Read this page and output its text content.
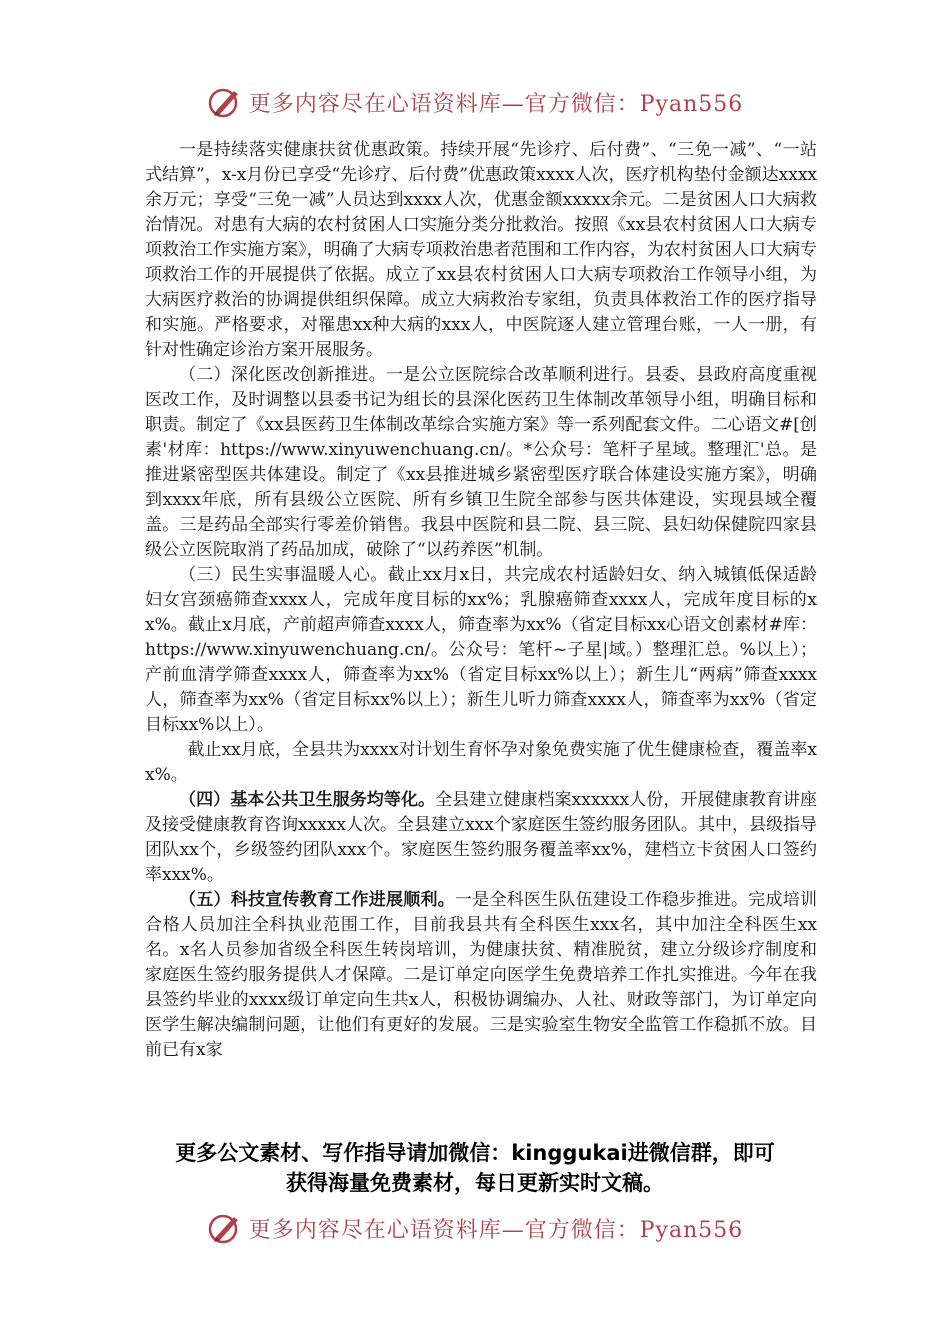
更多内容尽在心语资料库—官方微信：Pyan556

一是持续落实健康扶贫优惠政策。持续开展“先诊疗、后付费”、“三免一减”、“一站式结算”，x-x月份已享受“先诊疗、后付费”优惠政策xxxx人次，医疗机构垫付金额达xxxx余万元；享受“三免一减”人员达到xxxx人次，优惠金额xxxxx余元。二是贫困人口大病救治情况。对患有大病的农村贫困人口实施分类分批救治。按照《xx县农村贫困人口大病专项救治工作实施方案》，明确了大病专项救治患者范围和工作内容，为农村贫困人口大病专项救治工作的开展提供了依据。成立了xx县农村贫困人口大病专项救治工作领导小组，为大病医疗救治的协调提供组织保障。成立大病救治专家组，负责具体救治工作的医疗指导和实施。严格要求，对罹患xx种大病的xxx人，中医院逐人建立管理台账，一人一册，有针对性确定诊治方案开展服务。

（二）深化医改创新推进。一是公立医院综合改革顺利进行。县委、县政府高度重视医改工作，及时调整以县委书记为组长的县深化医药卫生体制改革领导小组，明确目标和职责。制定了《xx县医药卫生体制改革综合实施方案》等一系列配套文件。二心语文#[创素'材库：https://www.xinyuwenchuang.cn/。*公众号：笔杆子星域。整理汇'总。是推进紧密型医共体建设。制定了《xx县推进城乡紧密型医疗联合体建设实施方案》，明确到xxxx年底，所有县级公立医院、所有乡镇卫生院全部参与医共体建设，实现县域全覆盖。三是药品全部实行零差价销售。我县中医院和县二院、县三院、县妇幼保健院四家县级公立医院取消了药品加成，破除了“以药养医”机制。

（三）民生实事温暖人心。截止xx月x日，共完成农村适龄妇女、纳入城镇低保适龄妇女宫颈癌筛查xxxx人，完成年度目标的xx%；乳腺癌筛查xxxx人，完成年度目标的xx%。截止x月底，产前超声筛查xxxx人，筛查率为xx%（省定目标xx心语文创素材#库：https://www.xinyuwenchuang.cn/。公众号：笔杆~子星|域。）整理汇总。%以上）；产前血清学筛查xxxx人，筛查率为xx%（省定目标xx%以上）；新生儿“两病”筛查xxxx人，筛查率为xx%（省定目标xx%以上）；新生儿听力筛查xxxx人，筛查率为xx%（省定目标xx%以上）。

截止xx月底，全县共为xxxx对计划生育怀孕对象免费实施了优生健康检查，覆盖率xx%。

（四）基本公共卫生服务均等化。全县建立健康档案xxxxxx人份，开展健康教育讲座及接受健康教育咨询xxxxx人次。全县建立xxx个家庭医生签约服务团队。其中，县级指导团队xx个，乡级签约团队xxx个。家庭医生签约服务覆盖率xx%，建档立卡贫困人口签约率xxx%。

（五）科技宣传教育工作进展顺利。一是全科医生队伍建设工作稳步推进。完成培训合格人员加注全科执业范围工作，目前我县共有全科医生xxx名，其中加注全科医生xx名。x名人员参加省级全科医生转岗培训，为健康扶贫、精准脱贫，建立分级诊疗制度和家庭医生签约服务提供人才保障。二是订单定向医学生免费培养工作扎实推进。今年在我县签约毕业的xxxx级订单定向生共x人，积极协调编办、人社、财政等部门，为订单定向医学生解决编制问题，让他们有更好的发展。三是实验室生物安全监管工作稳抓不放。目前已有x家

更多公文素材、写作指导请加微信：kinggukai进微信群，即可
获得海量免费素材，每日更新实时文稿。
更多内容尽在心语资料库—官方微信：Pyan556
